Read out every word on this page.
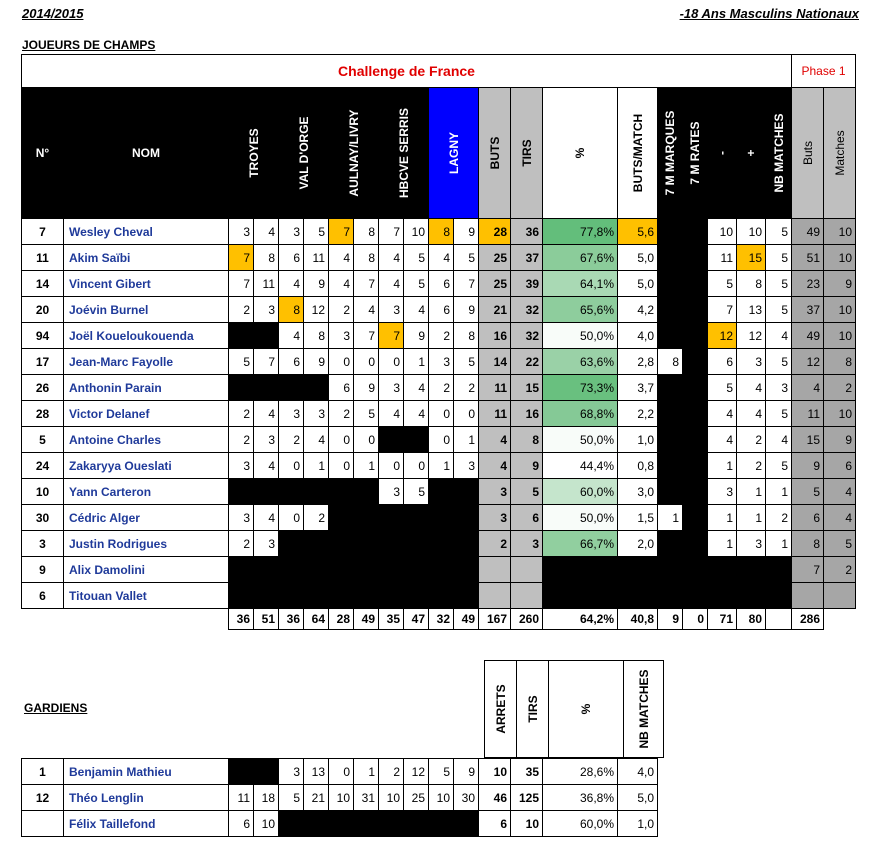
2014/2015	-18 Ans Masculins Nationaux
JOUEURS DE CHAMPS
Challenge de France																					Phase 1	
N°	NOM	TROYES		VAL D'ORGE		AULNAY/LIVRY		HBCVE SERRIS		LAGNY		BUTS	TIRS	%	BUTS/MATCH	7 M MARQUES	7 M RATES	-	+	NB MATCHES	Buts	Matches

7	Wesley Cheval	3	4	3	5	7	8	7	10	8	9	28	36	77,8%	5,6			10	10	5	49	10
11	Akim Saïbi	7	8	6	11	4	8	4	5	4	5	25	37	67,6%	5,0			11	15	5	51	10
14	Vincent Gibert	7	11	4	9	4	7	4	5	6	7	25	39	64,1%	5,0			5	8	5	23	9
20	Joévin Burnel	2	3	8	12	2	4	3	4	6	9	21	32	65,6%	4,2			7	13	5	37	10
94	Joël Koueloukouenda			4	8	3	7	7	9	2	8	16	32	50,0%	4,0			12	12	4	49	10
17	Jean-Marc Fayolle	5	7	6	9	0	0	0	1	3	5	14	22	63,6%	2,8	8		6	3	5	12	8
26	Anthonin Parain					6	9	3	4	2	2	11	15	73,3%	3,7			5	4	3	4	2
28	Victor Delanef	2	4	3	3	2	5	4	4	0	0	11	16	68,8%	2,2			4	4	5	11	10
5	Antoine Charles	2	3	2	4	0	0			0	1	4	8	50,0%	1,0			4	2	4	15	9
24	Zakaryya Oueslati	3	4	0	1	0	1	0	0	1	3	4	9	44,4%	0,8			1	2	5	9	6
10	Yann Carteron							3	5			3	5	60,0%	3,0			3	1	1	5	4
30	Cédric Alger	3	4	0	2							3	6	50,0%	1,5	1		1	1	2	6	4
3	Justin Rodrigues	2	3									2	3	66,7%	2,0			1	3	1	8	5
9	Alix Damolini																				7	2
6	Titouan Vallet																					
		36	51	36	64	28	49	35	47	32	49	167	260	64,2%	40,8	9	0	71	80		286	
GARDIENS	ARRETS	TIRS	%	NB MATCHES
1	Benjamin Mathieu			3	13	0	1	2	12	5	9	10	35	28,6%	4,0
12	Théo Lenglin	11	18	5	21	10	31	10	25	10	30	46	125	36,8%	5,0
	Félix Taillefond	6	10									6	10	60,0%	1,0
